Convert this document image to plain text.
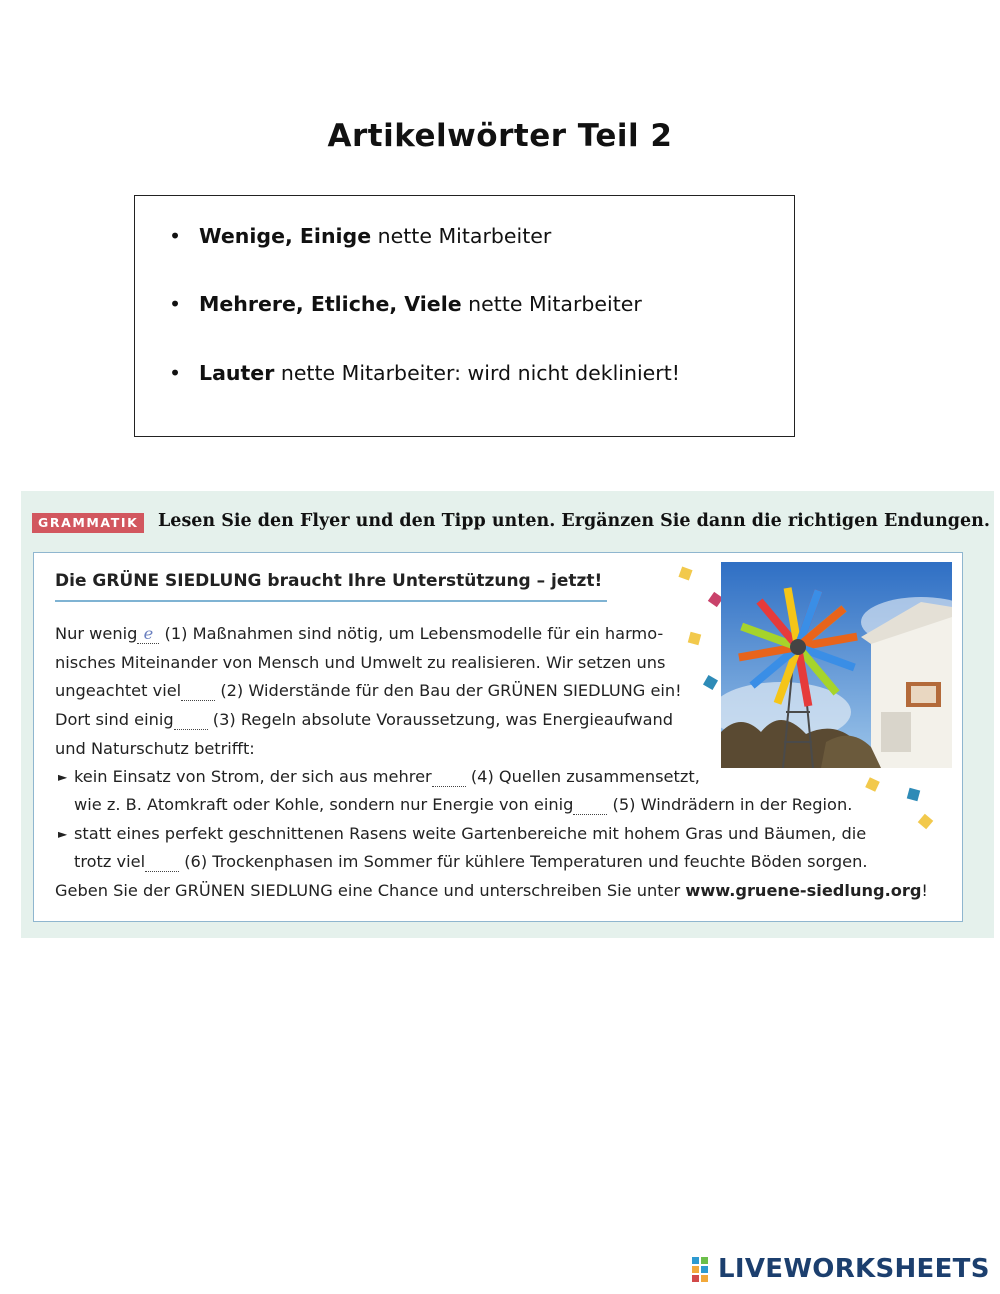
Artikelwörter Teil 2
• Wenige, Einige nette Mitarbeiter
• Mehrere, Etliche, Viele nette Mitarbeiter
• Lauter nette Mitarbeiter: wird nicht dekliniert!
GRAMMATIK	Lesen Sie den Flyer und den Tipp unten. Ergänzen Sie dann die richtigen Endungen.
Die GRÜNE SIEDLUNG braucht Ihre Unterstützung – jetzt!
Nur wenig e (1) Maßnahmen sind nötig, um Lebensmodelle für ein harmo-
nisches Miteinander von Mensch und Umwelt zu realisieren. Wir setzen uns
ungeachtet viel (2) Widerstände für den Bau der GRÜNEN SIEDLUNG ein!
Dort sind einig (3) Regeln absolute Voraussetzung, was Energieaufwand
und Naturschutz betrifft:
► kein Einsatz von Strom, der sich aus mehrer (4) Quellen zusammensetzt,
wie z. B. Atomkraft oder Kohle, sondern nur Energie von einig (5) Windrädern in der Region.
► statt eines perfekt geschnittenen Rasens weite Gartenbereiche mit hohem Gras und Bäumen, die
trotz viel (6) Trockenphasen im Sommer für kühlere Temperaturen und feuchte Böden sorgen.
Geben Sie der GRÜNEN SIEDLUNG eine Chance und unterschreiben Sie unter www.gruene-siedlung.org!
LIVEWORKSHEETS
